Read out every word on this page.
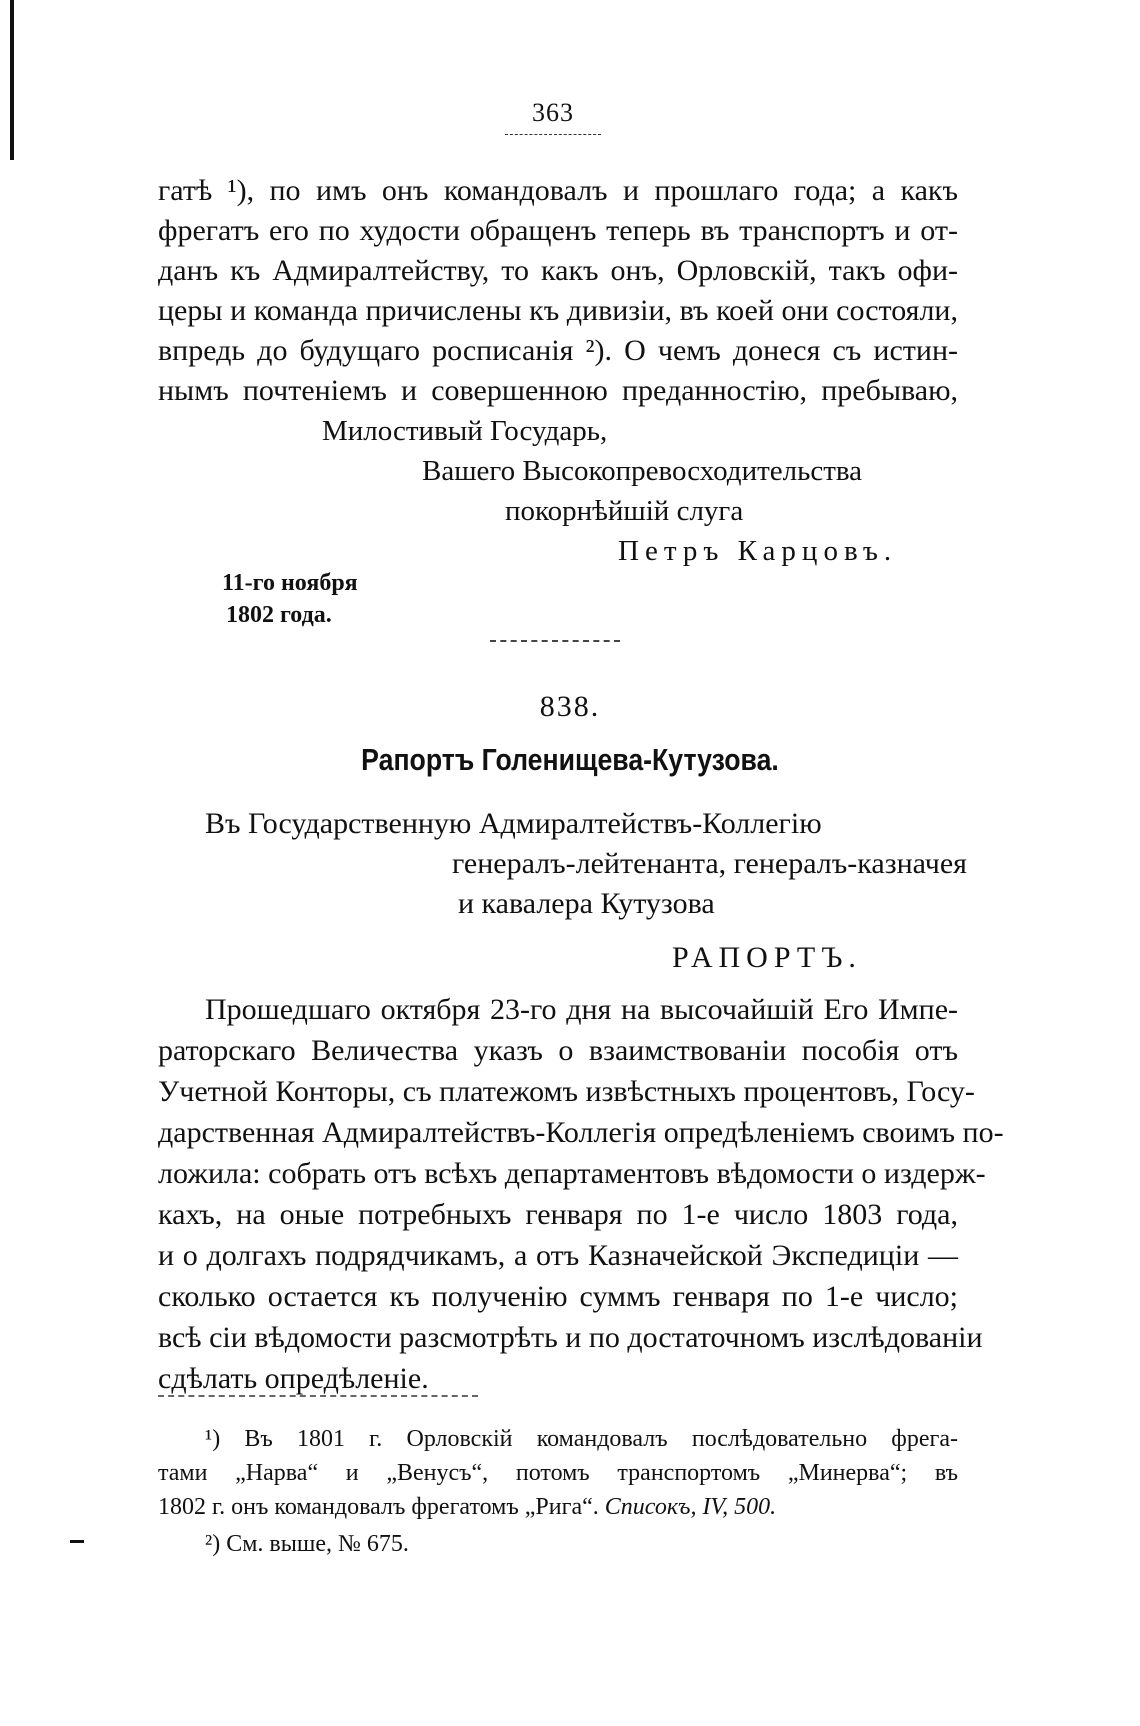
363
гатѣ ¹), по имъ онъ командовалъ и прошлаго года; а какъ
фрегатъ его по худости обращенъ теперь въ транспортъ и от-
данъ къ Адмиралтейству, то какъ онъ, Орловскій, такъ офи-
церы и команда причислены къ дивизіи, въ коей они состояли,
впредь до будущаго росписанія ²). О чемъ донеся съ истин-
нымъ почтеніемъ и совершенною преданностію, пребываю,
Милостивый Государь,
Вашего Высокопревосходительства
покорнѣйшій слуга
Петръ Карцовъ.
11-го ноября
1802 года.
838.
Рапортъ Голенищева-Кутузова.
Въ Государственную Адмиралтействъ-Коллегію
генералъ-лейтенанта, генералъ-казначея
и кавалера Кутузова
РАПОРТЪ.
Прошедшаго октября 23-го дня на высочайшій Его Импе-
раторскаго Величества указъ о взаимствованіи пособія отъ
Учетной Конторы, съ платежомъ извѣстныхъ процентовъ, Госу-
дарственная Адмиралтействъ-Коллегія опредѣленіемъ своимъ по-
ложила: собрать отъ всѣхъ департаментовъ вѣдомости о издерж-
кахъ, на оные потребныхъ генваря по 1-е число 1803 года,
и о долгахъ подрядчикамъ, а отъ Казначейской Экспедиціи —
сколько остается къ полученію суммъ генваря по 1-е число;
всѣ сіи вѣдомости разсмотрѣть и по достаточномъ изслѣдованіи
сдѣлать опредѣленіе.
¹) Въ 1801 г. Орловскій командовалъ послѣдовательно фрега-
тами „Нарва“ и „Венусъ“, потомъ транспортомъ „Минерва“; въ
1802 г. онъ командовалъ фрегатомъ „Рига“. Списокъ, IV, 500.
²) См. выше, № 675.
